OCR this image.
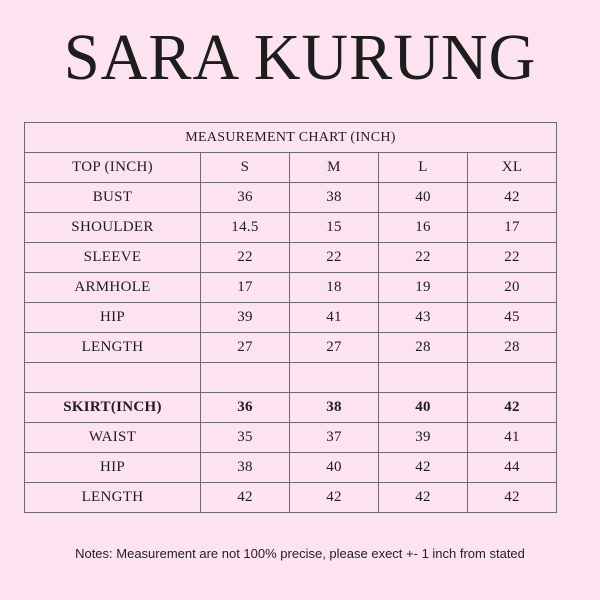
SARA KURUNG
MEASUREMENT CHART (INCH)				
TOP (INCH)	S	M	L	XL
BUST	36	38	40	42
SHOULDER	14.5	15	16	17
SLEEVE	22	22	22	22
ARMHOLE	17	18	19	20
HIP	39	41	43	45
LENGTH	27	27	28	28

SKIRT(INCH)	36	38	40	42
WAIST	35	37	39	41
HIP	38	40	42	44
LENGTH	42	42	42	42
Notes: Measurement are not 100% precise, please exect +- 1 inch from stated
